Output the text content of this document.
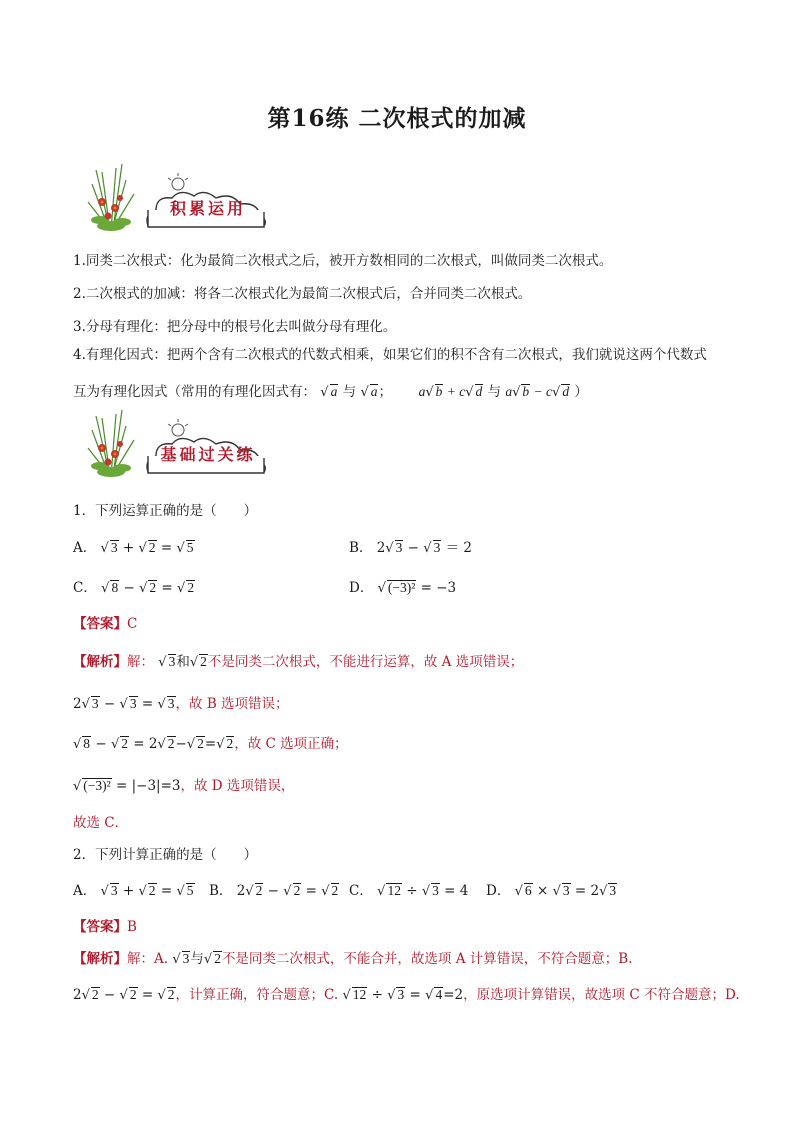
第16练 二次根式的加减
积累运用
1.同类二次根式：化为最简二次根式之后，被开方数相同的二次根式，叫做同类二次根式。
2.二次根式的加减：将各二次根式化为最简二次根式后，合并同类二次根式。
3.分母有理化：把分母中的根号化去叫做分母有理化。
4.有理化因式：把两个含有二次根式的代数式相乘，如果它们的积不含有二次根式，我们就说这两个代数式
互为有理化因式（常用的有理化因式有： √ a 与 √ a；  a√ b + c√ d 与 a√ b − c√ d ）
基础过关练
1．下列运算正确的是（　　）
A． √ 3 + √ 2 = √ 5	B． 2√ 3 − √ 3 ＝ 2
C． √ 8 − √ 2 = √ 2	D． √ (−3)² = −3
【答案】C
【解析】解： √ 3和√ 2不是同类二次根式，不能进行运算，故 A 选项错误；
2√ 3 − √ 3 = √ 3，故 B 选项错误；
√ 8 − √ 2 = 2√ 2−√ 2=√ 2，故 C 选项正确；
√ (−3)² = |−3|=3，故 D 选项错误，
故选 C．
2．下列计算正确的是（　　）
A． √ 3 + √ 2 = √ 5 B． 2√ 2 − √ 2 = √ 2 C． √ 12 ÷ √ 3 = 4 D． √ 6 × √ 3 = 2√ 3
【答案】B
【解析】解：A. √ 3与√ 2不是同类二次根式，不能合并，故选项 A 计算错误，不符合题意；B.
2√ 2 − √ 2 = √ 2，计算正确，符合题意；C. √ 12 ÷ √ 3 = √ 4=2，原选项计算错误，故选项 C 不符合题意；D.
